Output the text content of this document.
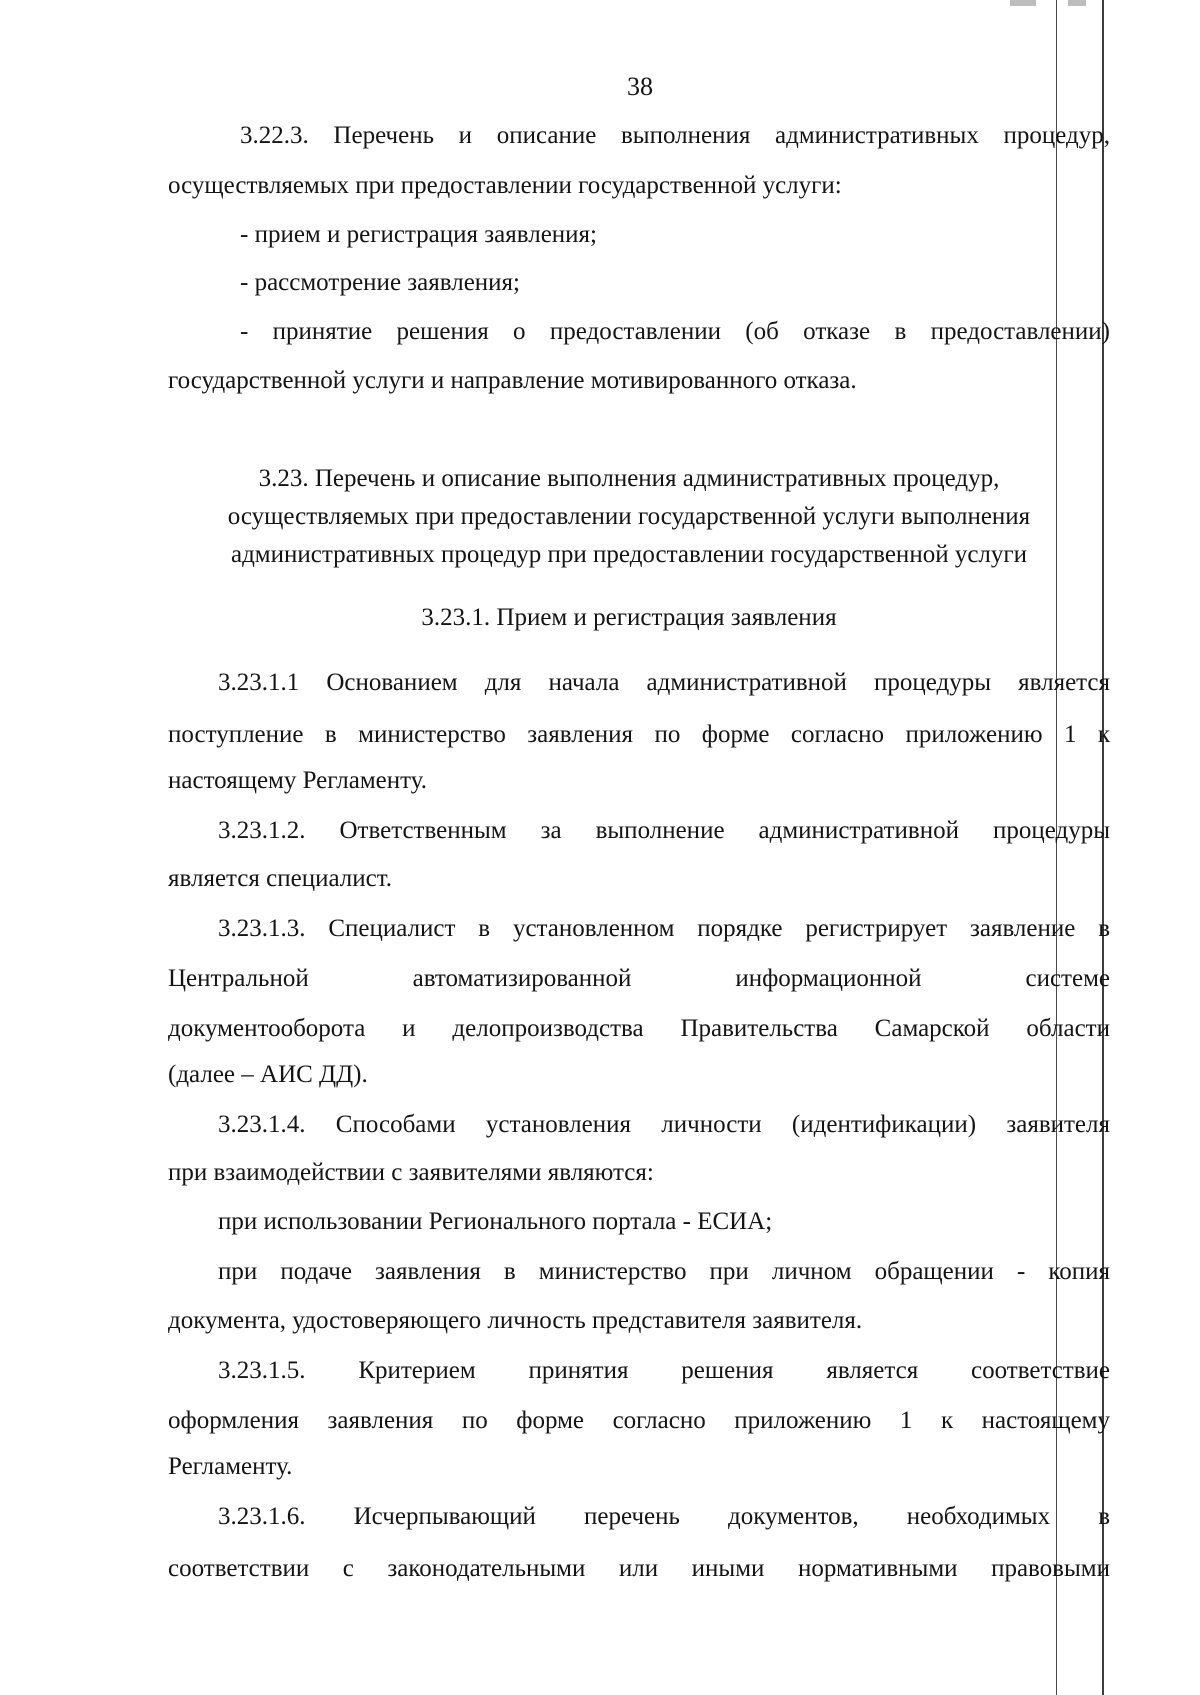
38

3.22.3. Перечень и описание выполнения административных процедур,

осуществляемых при предоставлении государственной услуги:

- прием и регистрация заявления;

- рассмотрение заявления;

- принятие решения о предоставлении (об отказе в предоставлении)

государственной услуги и направление мотивированного отказа.

3.23. Перечень и описание выполнения административных процедур,

осуществляемых при предоставлении государственной услуги выполнения

административных процедур при предоставлении государственной услуги

3.23.1. Прием и регистрация заявления

3.23.1.1 Основанием для начала административной процедуры является

поступление в министерство заявления по форме согласно приложению 1 к

настоящему Регламенту.

3.23.1.2. Ответственным за выполнение административной процедуры

является специалист.

3.23.1.3. Специалист в установленном порядке регистрирует заявление в

Центральной автоматизированной информационной системе

документооборота и делопроизводства Правительства Самарской области

(далее – АИС ДД).

3.23.1.4. Способами установления личности (идентификации) заявителя

при взаимодействии с заявителями являются:

при использовании Регионального портала - ЕСИА;

при подаче заявления в министерство при личном обращении - копия

документа, удостоверяющего личность представителя заявителя.

3.23.1.5. Критерием принятия решения является соответствие

оформления заявления по форме согласно приложению 1 к настоящему

Регламенту.

3.23.1.6. Исчерпывающий перечень документов, необходимых в

соответствии с законодательными или иными нормативными правовыми
